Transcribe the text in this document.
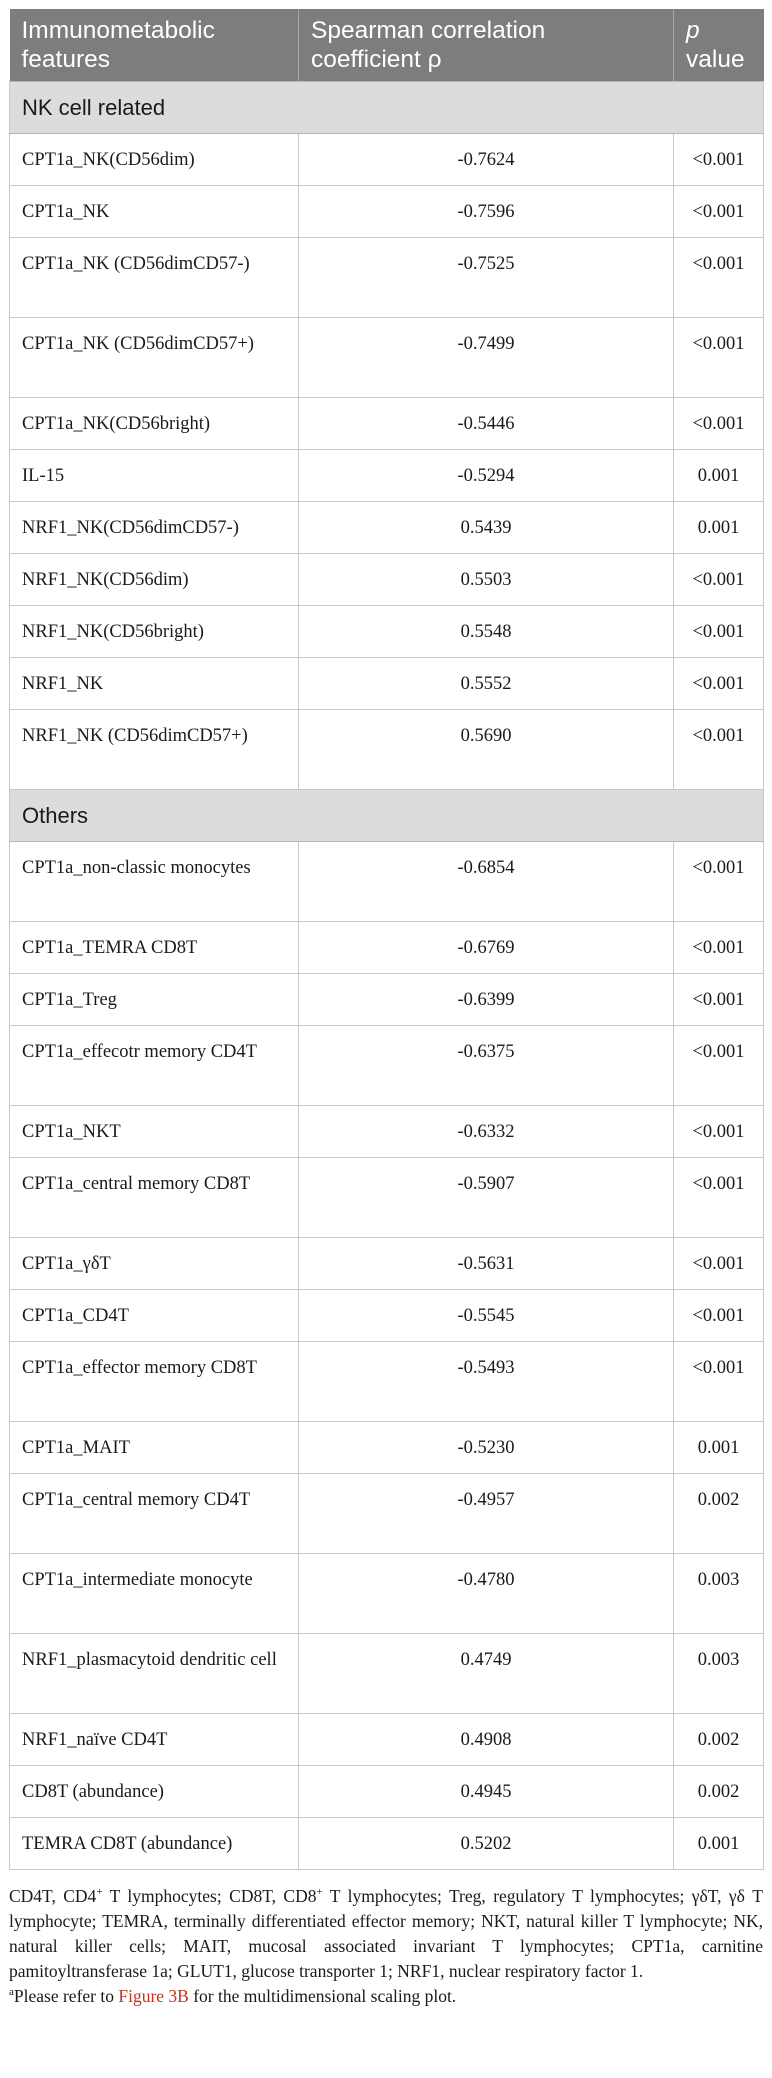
Immunometabolic features	Spearman correlation coefficient ρ	p value
NK cell related		
CPT1a_NK(CD56dim)	-0.7624	<0.001
CPT1a_NK	-0.7596	<0.001
CPT1a_NK (CD56dimCD57-)	-0.7525	<0.001
CPT1a_NK (CD56dimCD57+)	-0.7499	<0.001
CPT1a_NK(CD56bright)	-0.5446	<0.001
IL-15	-0.5294	0.001
NRF1_NK(CD56dimCD57-)	0.5439	0.001
NRF1_NK(CD56dim)	0.5503	<0.001
NRF1_NK(CD56bright)	0.5548	<0.001
NRF1_NK	0.5552	<0.001
NRF1_NK (CD56dimCD57+)	0.5690	<0.001
Others		
CPT1a_non-classic monocytes	-0.6854	<0.001
CPT1a_TEMRA CD8T	-0.6769	<0.001
CPT1a_Treg	-0.6399	<0.001
CPT1a_effecotr memory CD4T	-0.6375	<0.001
CPT1a_NKT	-0.6332	<0.001
CPT1a_central memory CD8T	-0.5907	<0.001
CPT1a_γδT	-0.5631	<0.001
CPT1a_CD4T	-0.5545	<0.001
CPT1a_effector memory CD8T	-0.5493	<0.001
CPT1a_MAIT	-0.5230	0.001
CPT1a_central memory CD4T	-0.4957	0.002
CPT1a_intermediate monocyte	-0.4780	0.003
NRF1_plasmacytoid dendritic cell	0.4749	0.003
NRF1_naïve CD4T	0.4908	0.002
CD8T (abundance)	0.4945	0.002
TEMRA CD8T (abundance)	0.5202	0.001

CD4T, CD4+ T lymphocytes; CD8T, CD8+ T lymphocytes; Treg, regulatory T lymphocytes; γδT, γδ T lymphocyte; TEMRA, terminally differentiated effector memory; NKT, natural killer T lymphocyte; NK, natural killer cells; MAIT, mucosal associated invariant T lymphocytes; CPT1a, carnitine pamitoyltransferase 1a; GLUT1, glucose transporter 1; NRF1, nuclear respiratory factor 1.

$^a$Please refer to Figure 3B for the multidimensional scaling plot.
